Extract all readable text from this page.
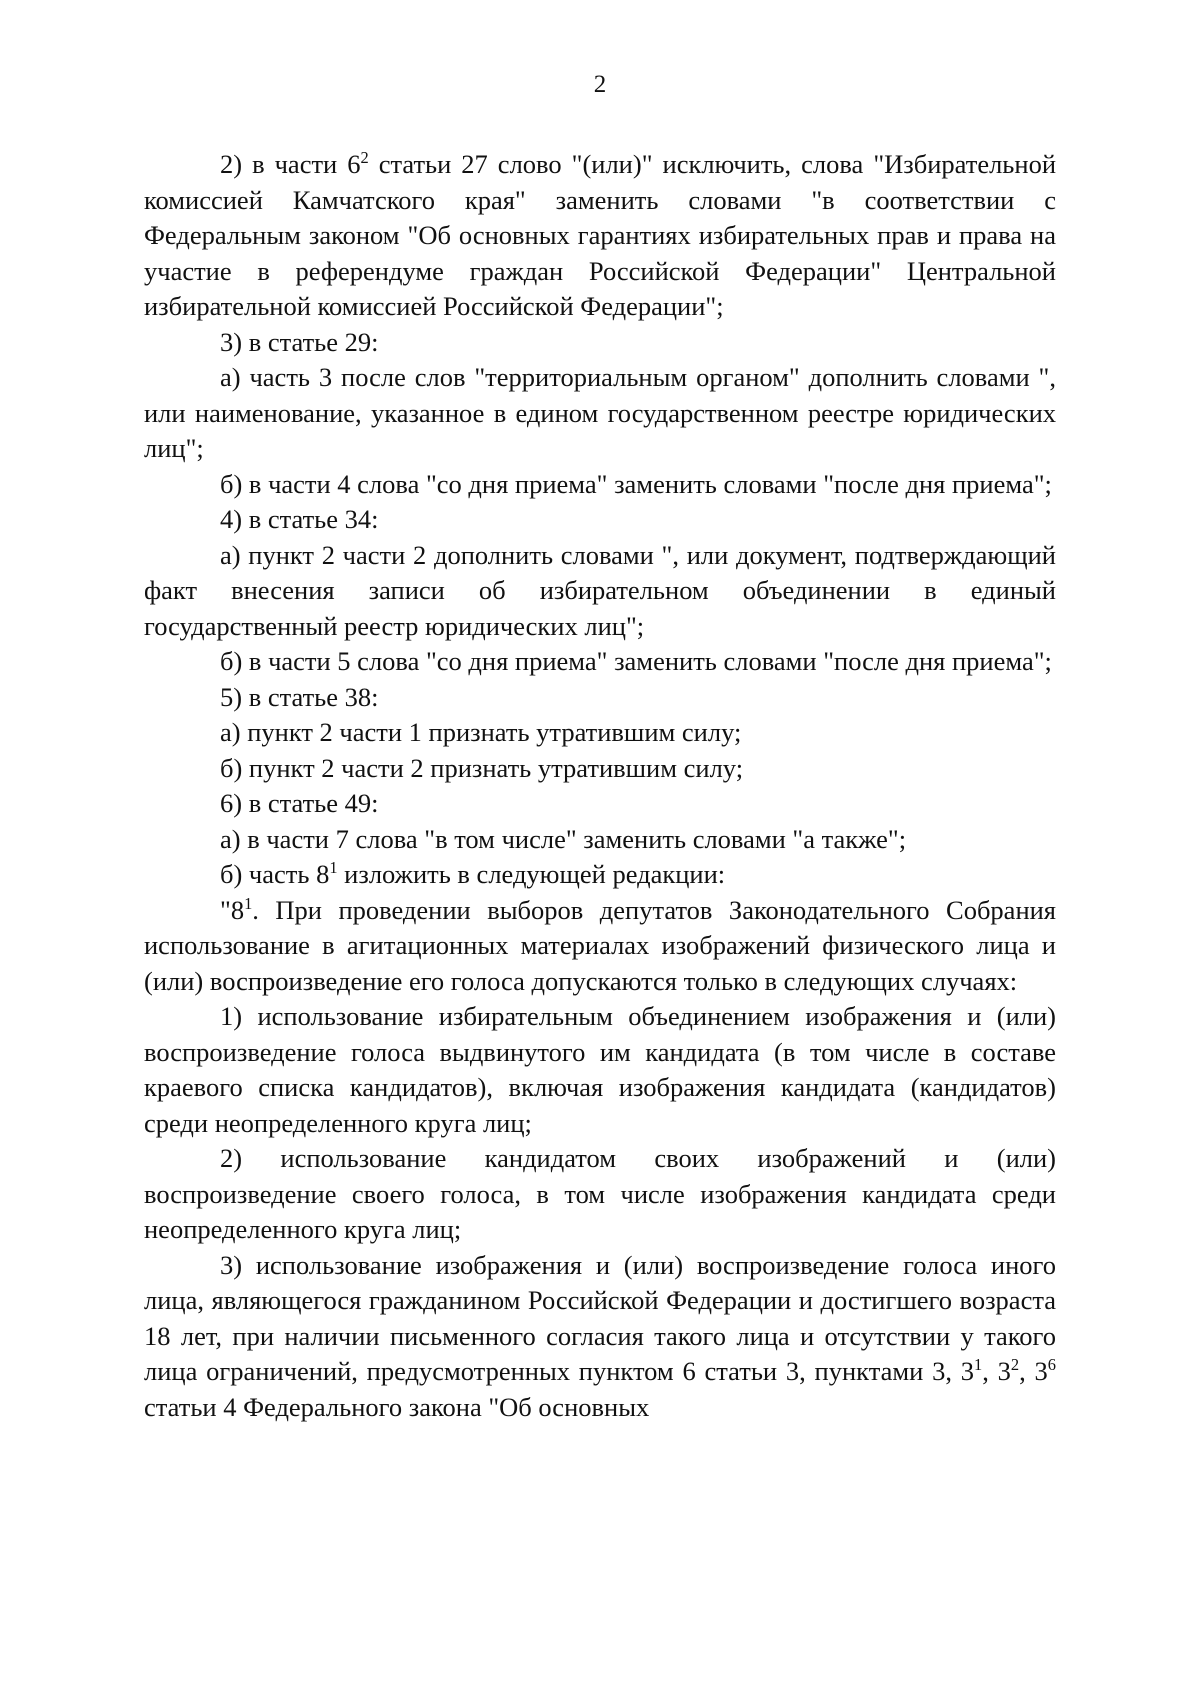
2

2) в части $6^2$ статьи 27 слово "(или)" исключить, слова "Избирательной комиссией Камчатского края" заменить словами "в соответствии с Федеральным законом "Об основных гарантиях избирательных прав и права на участие в референдуме граждан Российской Федерации" Центральной избирательной комиссией Российской Федерации";

3) в статье 29:

а) часть 3 после слов "территориальным органом" дополнить словами ", или наименование, указанное в едином государственном реестре юридических лиц";

б) в части 4 слова "со дня приема" заменить словами "после дня приема";

4) в статье 34:

а) пункт 2 части 2 дополнить словами ", или документ, подтверждающий факт внесения записи об избирательном объединении в единый государственный реестр юридических лиц";

б) в части 5 слова "со дня приема" заменить словами "после дня приема";

5) в статье 38:

а) пункт 2 части 1 признать утратившим силу;

б) пункт 2 части 2 признать утратившим силу;

6) в статье 49:

а) в части 7 слова "в том числе" заменить словами "а также";

б) часть $8^1$ изложить в следующей редакции:

"$8^1$. При проведении выборов депутатов Законодательного Собрания использование в агитационных материалах изображений физического лица и (или) воспроизведение его голоса допускаются только в следующих случаях:

1) использование избирательным объединением изображения и (или) воспроизведение голоса выдвинутого им кандидата (в том числе в составе краевого списка кандидатов), включая изображения кандидата (кандидатов) среди неопределенного круга лиц;

2) использование кандидатом своих изображений и (или) воспроизведение своего голоса, в том числе изображения кандидата среди неопределенного круга лиц;

3) использование изображения и (или) воспроизведение голоса иного лица, являющегося гражданином Российской Федерации и достигшего возраста 18 лет, при наличии письменного согласия такого лица и отсутствии у такого лица ограничений, предусмотренных пунктом 6 статьи 3, пунктами 3, $3^1$, $3^2$, $3^6$ статьи 4 Федерального закона "Об основных
